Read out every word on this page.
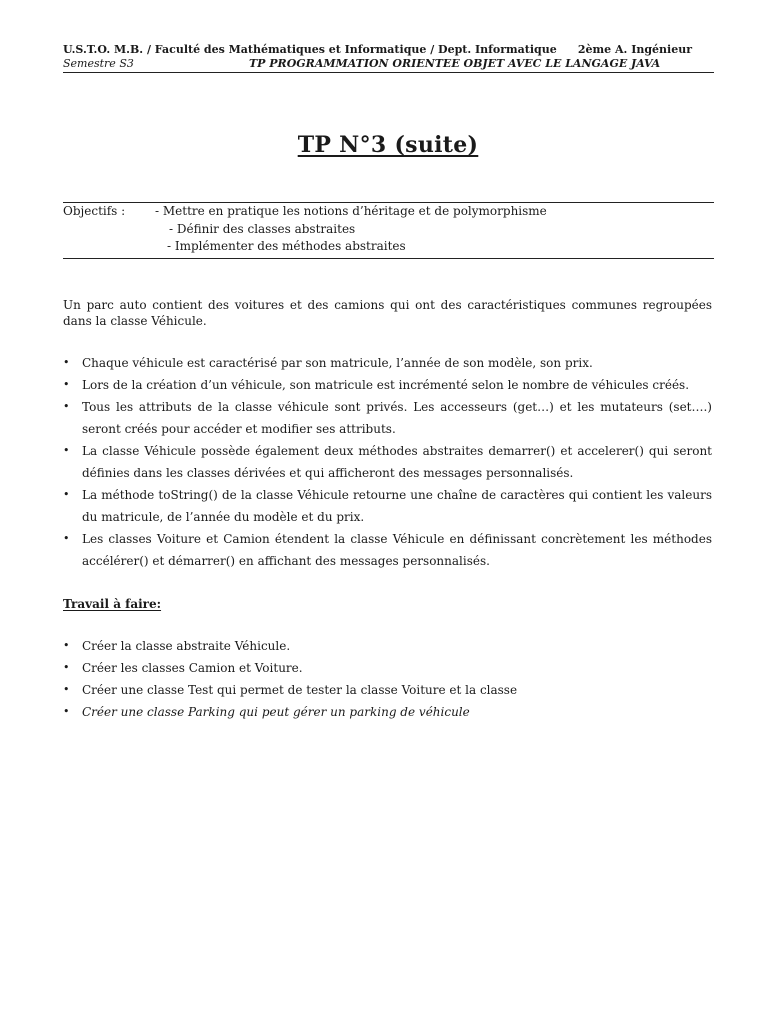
U.S.T.O. M.B. / Faculté des Mathématiques et Informatique / Dept. Informatique 2ème A. Ingénieur
Semestre S3	TP PROGRAMMATION ORIENTEE OBJET AVEC LE LANGAGE JAVA
TP N°3 (suite)
Objectifs :	- Mettre en pratique les notions d’héritage et de polymorphisme
- Définir des classes abstraites
- Implémenter des méthodes abstraites
Un parc auto contient des voitures et des camions qui ont des caractéristiques communes regroupées dans la classe Véhicule.
• Chaque véhicule est caractérisé par son matricule, l’année de son modèle, son prix.
• Lors de la création d’un véhicule, son matricule est incrémenté selon le nombre de véhicules créés.
• Tous les attributs de la classe véhicule sont privés. Les accesseurs (get…) et les mutateurs (set….) seront créés pour accéder et modifier ses attributs.
• La classe Véhicule possède également deux méthodes abstraites demarrer() et accelerer() qui seront définies dans les classes dérivées et qui afficheront des messages personnalisés.
• La méthode toString() de la classe Véhicule retourne une chaîne de caractères qui contient les valeurs du matricule, de l’année du modèle et du prix.
• Les classes Voiture et Camion étendent la classe Véhicule en définissant concrètement les méthodes accélérer() et démarrer() en affichant des messages personnalisés.
Travail à faire:
• Créer la classe abstraite Véhicule.
• Créer les classes Camion et Voiture.
• Créer une classe Test qui permet de tester la classe Voiture et la classe
• Créer une classe Parking qui peut gérer un parking de véhicule
